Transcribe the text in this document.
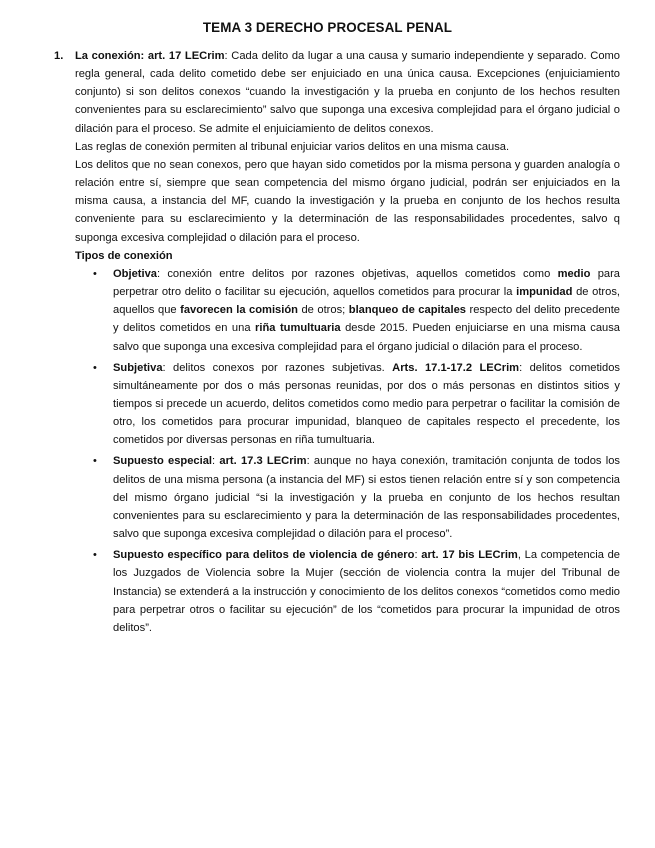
TEMA 3 DERECHO PROCESAL PENAL
1. La conexión: art. 17 LECrim: Cada delito da lugar a una causa y sumario independiente y separado. Como regla general, cada delito cometido debe ser enjuiciado en una única causa. Excepciones (enjuiciamiento conjunto) si son delitos conexos “cuando la investigación y la prueba en conjunto de los hechos resulten convenientes para su esclarecimiento” salvo que suponga una excesiva complejidad para el órgano judicial o dilación para el proceso. Se admite el enjuiciamiento de delitos conexos.

Las reglas de conexión permiten al tribunal enjuiciar varios delitos en una misma causa.

Los delitos que no sean conexos, pero que hayan sido cometidos por la misma persona y guarden analogía o relación entre sí, siempre que sean competencia del mismo órgano judicial, podrán ser enjuiciados en la misma causa, a instancia del MF, cuando la investigación y la prueba en conjunto de los hechos resulta conveniente para su esclarecimiento y la determinación de las responsabilidades procedentes, salvo q suponga excesiva complejidad o dilación para el proceso.

Tipos de conexión

• Objetiva: conexión entre delitos por razones objetivas, aquellos cometidos como medio para perpetrar otro delito o facilitar su ejecución, aquellos cometidos para procurar la impunidad de otros, aquellos que favorecen la comisión de otros; blanqueo de capitales respecto del delito precedente y delitos cometidos en una riña tumultuaria desde 2015. Pueden enjuiciarse en una misma causa salvo que suponga una excesiva complejidad para el órgano judicial o dilación para el proceso.
• Subjetiva: delitos conexos por razones subjetivas. Arts. 17.1-17.2 LECrim: delitos cometidos simultáneamente por dos o más personas reunidas, por dos o más personas en distintos sitios y tiempos si precede un acuerdo, delitos cometidos como medio para perpetrar o facilitar la comisión de otro, los cometidos para procurar impunidad, blanqueo de capitales respecto el precedente, los cometidos por diversas personas en riña tumultuaria.
• Supuesto especial: art. 17.3 LECrim: aunque no haya conexión, tramitación conjunta de todos los delitos de una misma persona (a instancia del MF) si estos tienen relación entre sí y son competencia del mismo órgano judicial “si la investigación y la prueba en conjunto de los hechos resultan convenientes para su esclarecimiento y para la determinación de las responsabilidades procedentes, salvo que suponga excesiva complejidad o dilación para el proceso”.
• Supuesto específico para delitos de violencia de género: art. 17 bis LECrim, La competencia de los Juzgados de Violencia sobre la Mujer (sección de violencia contra la mujer del Tribunal de Instancia) se extenderá a la instrucción y conocimiento de los delitos conexos “cometidos como medio para perpetrar otros o facilitar su ejecución” de los “cometidos para procurar la impunidad de otros delitos”.
